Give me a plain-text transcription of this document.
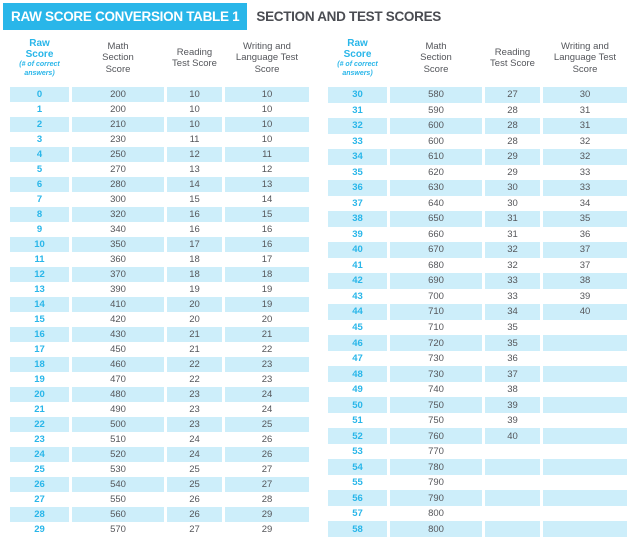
RAW SCORE CONVERSION TABLE 1	SECTION AND TEST SCORES
Raw Score (# of correct answers)	Math Section Score	Reading Test Score	Writing and Language Test Score
0	200	10	10
1	200	10	10
2	210	10	10
3	230	11	10
4	250	12	11
5	270	13	12
6	280	14	13
7	300	15	14
8	320	16	15
9	340	16	16
10	350	17	16
11	360	18	17
12	370	18	18
13	390	19	19
14	410	20	19
15	420	20	20
16	430	21	21
17	450	21	22
18	460	22	23
19	470	22	23
20	480	23	24
21	490	23	24
22	500	23	25
23	510	24	26
24	520	24	26
25	530	25	27
26	540	25	27
27	550	26	28
28	560	26	29
29	570	27	29
Raw Score (# of correct answers)	Math Section Score	Reading Test Score	Writing and Language Test Score
30	580	27	30
31	590	28	31
32	600	28	31
33	600	28	32
34	610	29	32
35	620	29	33
36	630	30	33
37	640	30	34
38	650	31	35
39	660	31	36
40	670	32	37
41	680	32	37
42	690	33	38
43	700	33	39
44	710	34	40
45	710	35	
46	720	35	
47	730	36	
48	730	37	
49	740	38	
50	750	39	
51	750	39	
52	760	40	
53	770		
54	780		
55	790		
56	790		
57	800		
58	800		
